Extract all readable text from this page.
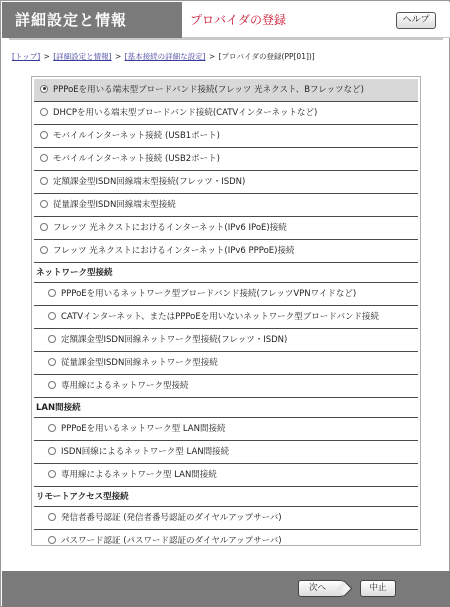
詳細設定と情報	プロバイダの登録	ヘルプ
[トップ] > [詳細設定と情報] > [基本接続の詳細な設定] > [プロバイダの登録(PP[01])]
PPPoEを用いる端末型ブロードバンド接続(フレッツ 光ネクスト、Bフレッツなど)
DHCPを用いる端末型ブロードバンド接続(CATVインターネットなど)
モバイルインターネット接続 (USB1ポート)
モバイルインターネット接続 (USB2ポート)
定額課金型ISDN回線端末型接続(フレッツ・ISDN)
従量課金型ISDN回線端末型接続
フレッツ 光ネクストにおけるインターネット(IPv6 IPoE)接続
フレッツ 光ネクストにおけるインターネット(IPv6 PPPoE)接続
ネットワーク型接続
PPPoEを用いるネットワーク型ブロードバンド接続(フレッツVPNワイドなど)
CATVインターネット、またはPPPoEを用いないネットワーク型ブロードバンド接続
定額課金型ISDN回線ネットワーク型接続(フレッツ・ISDN)
従量課金型ISDN回線ネットワーク型接続
専用線によるネットワーク型接続
LAN間接続
PPPoEを用いるネットワーク型 LAN間接続
ISDN回線によるネットワーク型 LAN間接続
専用線によるネットワーク型 LAN間接続
リモートアクセス型接続
発信者番号認証 (発信者番号認証のダイヤルアップサーバ)
パスワード認証 (パスワード認証のダイヤルアップサーバ)
次へ	中止
